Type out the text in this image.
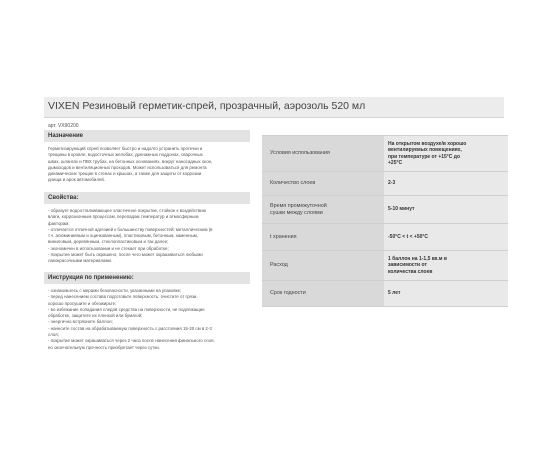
VIXEN Резиновый герметик-спрей, прозрачный, аэрозоль 520 мл
арт. VX90200
Назначение
Герметизирующий спрей позволяет быстро и надолго устранить протечки и
трещины в кровле, водосточных желобах, дренажных поддонах, сварочных
швах, шлангах и ПВХ трубах, на бетонных основаниях, вокруг наносадных окон,
дымоходов и вентиляционных проходов. Может использоваться для ремонта
динамических трещин в стенах и крышах, а также для защиты от коррозии
днища и арок автомобилей.
Свойства:
- образует водоотталкивающее эластичное покрытие, стойкое к воздействию
влаги, коррозионным процессам, перепадам температур и атмосферным
факторам;
- отличается отличной адгезией к большинству поверхностей: металлическим (в
т.ч. алюминиевым и оцинкованным), пластиковым, бетонным, каменным,
виниловым, деревянным, стеклопластиковым и так далее;
- экономичен в использовании и не стекает при обработке;
- покрытие может быть окрашено, после чего может окрашиваться любыми
лакокрасочными материалами.
Инструкция по применению:
- ознакомьтесь с мерами безопасности, указанными на упаковке;
- перед нанесением состава подготовьте поверхность: очистите от грязи,
хорошо просушите и обезжирьте;
- во избежание попадания следов средства на поверхности, не подлежащие
обработке, защитите их пленкой или бумагой;
- энергично встряхните баллон;
- нанесите состав на обрабатываемую поверхность с расстояния 15-20 см в 2-3
слоя;
- покрытие может окрашиваться через 2 часа после нанесения финального слоя,
но окончательную прочность приобретает через сутки.
Условия использования	На открытом воздухе/в хорошо
вентилируемых помещениях,
при температуре от +15°С до
+25°С

Количество слоев	2-3

Время промежуточной
сушки между слоями	5-10 минут

t хранения	-50°С < t < +50°С

Расход	1 баллон на 1-1,5 кв.м в
зависимости от
количества слоев

Срок годности	5 лет
